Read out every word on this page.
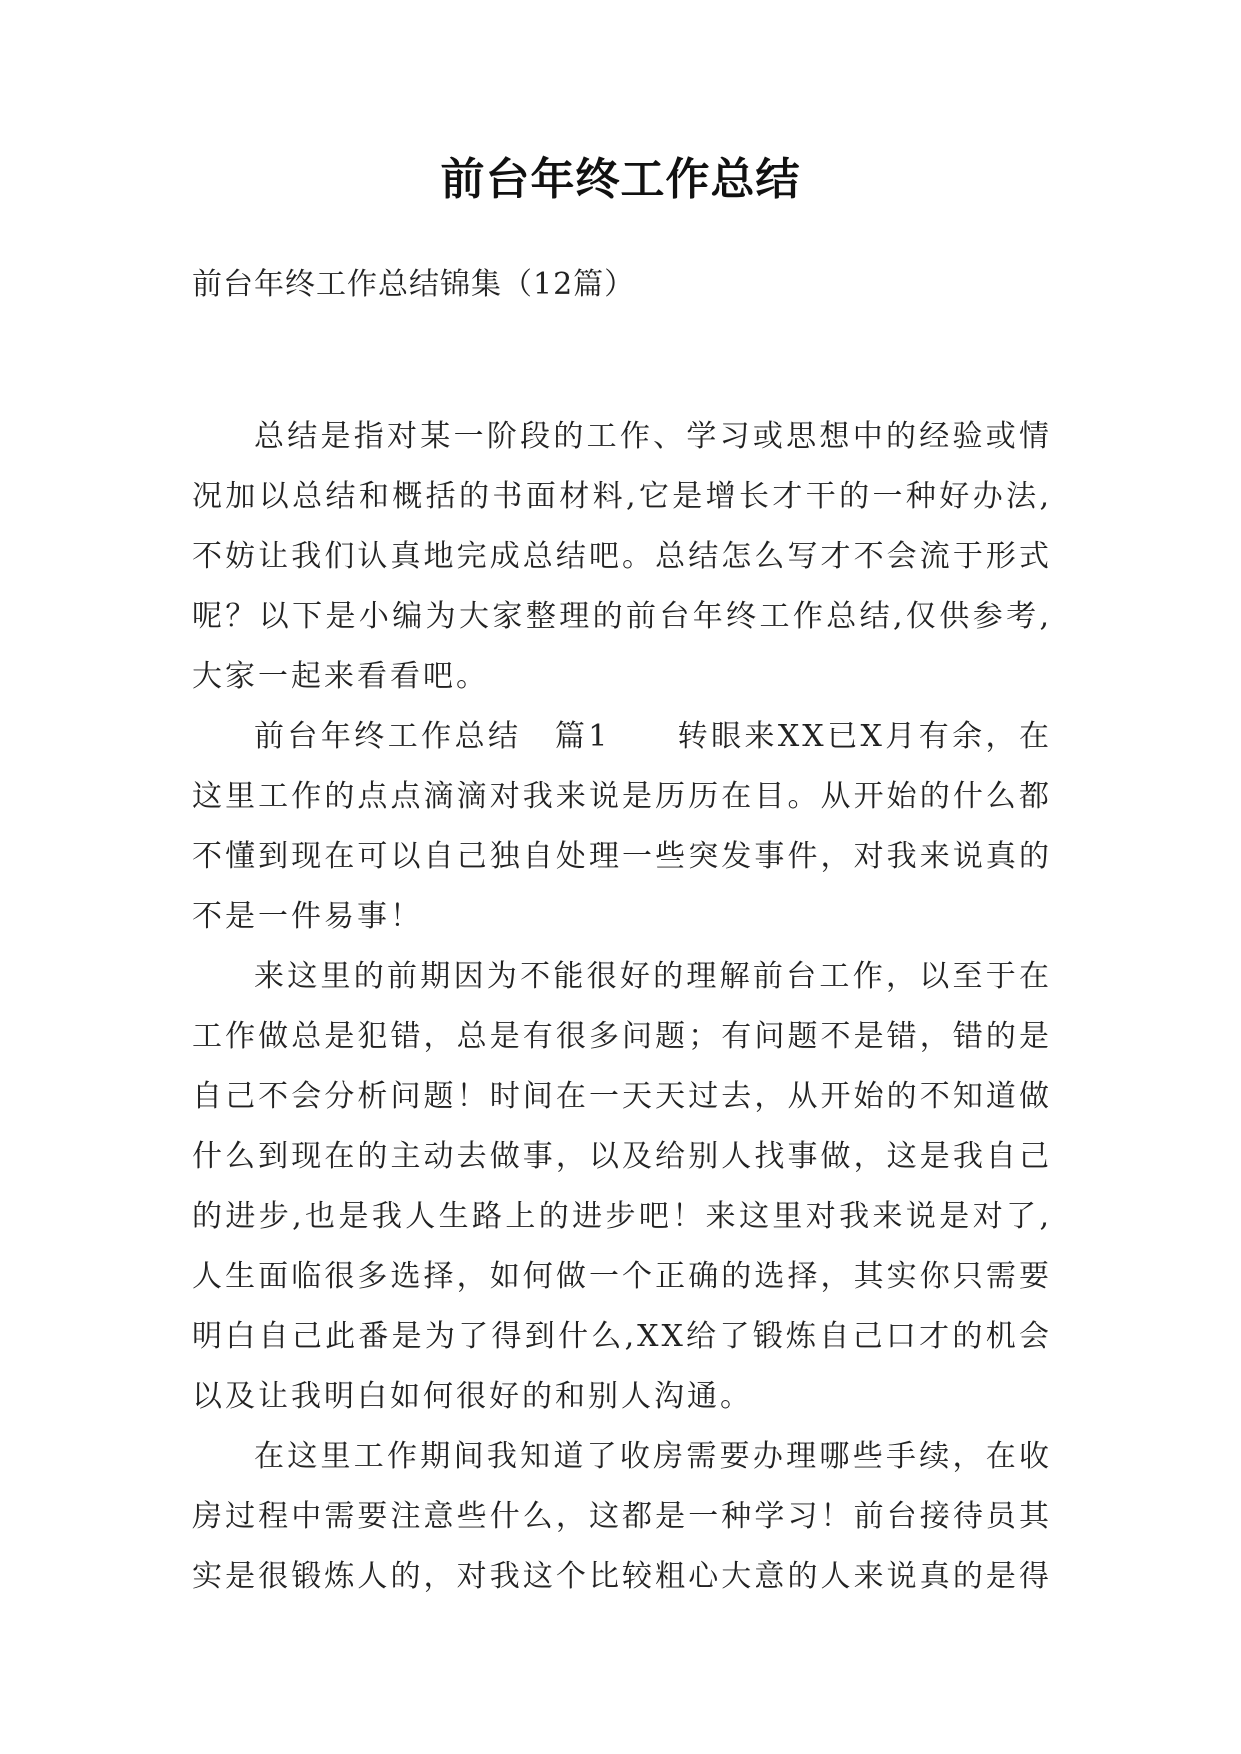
前台年终工作总结
前台年终工作总结锦集（12篇）
总结是指对某一阶段的工作、学习或思想中的经验或情
况加以总结和概括的书面材料,它是增长才干的一种好办法,
不妨让我们认真地完成总结吧。总结怎么写才不会流于形式
呢？以下是小编为大家整理的前台年终工作总结,仅供参考,
大家一起来看看吧。
前台年终工作总结　篇1　　转眼来XX已X月有余，在
这里工作的点点滴滴对我来说是历历在目。从开始的什么都
不懂到现在可以自己独自处理一些突发事件，对我来说真的
不是一件易事！
来这里的前期因为不能很好的理解前台工作，以至于在
工作做总是犯错，总是有很多问题；有问题不是错，错的是
自己不会分析问题！时间在一天天过去，从开始的不知道做
什么到现在的主动去做事，以及给别人找事做，这是我自己
的进步,也是我人生路上的进步吧！来这里对我来说是对了,
人生面临很多选择，如何做一个正确的选择，其实你只需要
明白自己此番是为了得到什么,XX给了锻炼自己口才的机会
以及让我明白如何很好的和别人沟通。
在这里工作期间我知道了收房需要办理哪些手续，在收
房过程中需要注意些什么，这都是一种学习！前台接待员其
实是很锻炼人的，对我这个比较粗心大意的人来说真的是得
